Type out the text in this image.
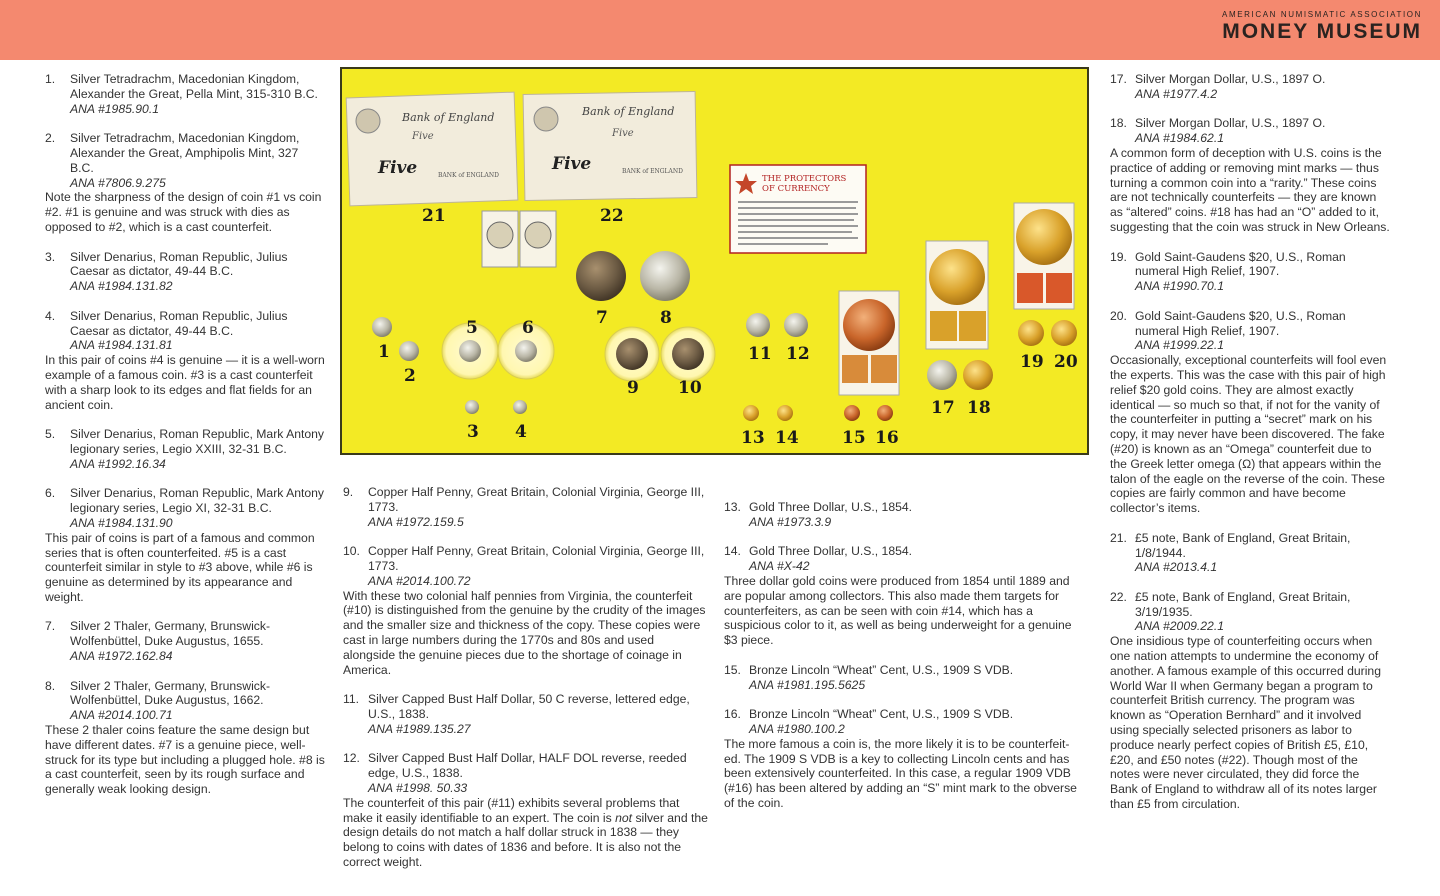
AMERICAN NUMISMATIC ASSOCIATION
MONEY MUSEUM
1. Silver Tetradrachm, Macedonian Kingdom, Alexander the Great, Pella Mint, 315-310 B.C.
ANA #1985.90.1
2. Silver Tetradrachm, Macedonian Kingdom, Alexander the Great, Amphipolis Mint, 327 B.C.
ANA #7806.9.275

Note the sharpness of the design of coin #1 vs coin #2. #1 is genuine and was struck with dies as opposed to #2, which is a cast counterfeit.

3. Silver Denarius, Roman Republic, Julius Caesar as dictator, 49-44 B.C.
ANA #1984.131.82
4. Silver Denarius, Roman Republic, Julius Caesar as dictator, 49-44 B.C.
ANA #1984.131.81

In this pair of coins #4 is genuine — it is a well-worn example of a famous coin. #3 is a cast counterfeit with a sharp look to its edges and flat fields for an ancient coin.

5. Silver Denarius, Roman Republic, Mark Antony legionary series, Legio XXIII, 32-31 B.C.
ANA #1992.16.34
6. Silver Denarius, Roman Republic, Mark Antony legionary series, Legio XI, 32-31 B.C.
ANA #1984.131.90

This pair of coins is part of a famous and common series that is often counterfeited. #5 is a cast counterfeit similar in style to #3 above, while #6 is genuine as determined by its appearance and weight.

7. Silver 2 Thaler, Germany, Brunswick-Wolfenbüttel, Duke Augustus, 1655.
ANA #1972.162.84
8. Silver 2 Thaler, Germany, Brunswick-Wolfenbüttel, Duke Augustus, 1662.
ANA #2014.100.71

These 2 thaler coins feature the same design but have different dates. #7 is a genuine piece, well-struck for its type but including a plugged hole. #8 is a cast counterfeit, seen by its rough surface and generally weak looking design.

Bank of England
Five
Five	BANK of ENGLAND
Bank of England
Five
Five	BANK of ENGLAND
THE PROTECTORS
OF CURRENCY
21	22
1
2
3 4
5	6	7	8
9 10
11 12
13 14	15 16
17 18
19 20
9. Copper Half Penny, Great Britain, Colonial Virginia, George III, 1773.
ANA #1972.159.5
10. Copper Half Penny, Great Britain, Colonial Virginia, George III, 1773.
ANA #2014.100.72

With these two colonial half pennies from Virginia, the counterfeit (#10) is distinguished from the genuine by the crudity of the images and the smaller size and thickness of the copy. These copies were cast in large numbers during the 1770s and 80s and used alongside the genuine pieces due to the shortage of coinage in America.

11. Silver Capped Bust Half Dollar, 50 C reverse, lettered edge, U.S., 1838.
ANA #1989.135.27
12. Silver Capped Bust Half Dollar, HALF DOL reverse, reeded edge, U.S., 1838.
ANA #1998. 50.33

The counterfeit of this pair (#11) exhibits several problems that make it easily identifiable to an expert. The coin is not silver and the design details do not match a half dollar struck in 1838 — they belong to coins with dates of 1836 and before. It is also not the correct weight.

13. Gold Three Dollar, U.S., 1854.
ANA #1973.3.9
14. Gold Three Dollar, U.S., 1854.
ANA #X-42

Three dollar gold coins were produced from 1854 until 1889 and are popular among collectors. This also made them targets for counterfeiters, as can be seen with coin #14, which has a suspicious color to it, as well as being underweight for a genuine $3 piece.

15. Bronze Lincoln “Wheat” Cent, U.S., 1909 S VDB.
ANA #1981.195.5625
16. Bronze Lincoln “Wheat” Cent, U.S., 1909 S VDB.
ANA #1980.100.2

The more famous a coin is, the more likely it is to be counterfeit-ed. The 1909 S VDB is a key to collecting Lincoln cents and has been extensively counterfeited. In this case, a regular 1909 VDB (#16) has been altered by adding an “S” mint mark to the obverse of the coin.

17. Silver Morgan Dollar, U.S., 1897 O.
ANA #1977.4.2
18. Silver Morgan Dollar, U.S., 1897 O.
ANA #1984.62.1

A common form of deception with U.S. coins is the practice of adding or removing mint marks — thus turning a common coin into a “rarity.” These coins are not technically counterfeits — they are known as “altered” coins. #18 has had an “O” added to it, suggesting that the coin was struck in New Orleans.

19. Gold Saint-Gaudens $20, U.S., Roman numeral High Relief, 1907.
ANA #1990.70.1
20. Gold Saint-Gaudens $20, U.S., Roman numeral High Relief, 1907.
ANA #1999.22.1

Occasionally, exceptional counterfeits will fool even the experts. This was the case with this pair of high relief $20 gold coins. They are almost exactly identical — so much so that, if not for the vanity of the counterfeiter in putting a “secret” mark on his copy, it may never have been discovered. The fake (#20) is known as an “Omega” counterfeit due to the Greek letter omega (Ω) that appears within the talon of the eagle on the reverse of the coin. These copies are fairly common and have become collector’s items.

21. £5 note, Bank of England, Great Britain, 1/8/1944.
ANA #2013.4.1
22. £5 note, Bank of England, Great Britain, 3/19/1935.
ANA #2009.22.1

One insidious type of counterfeiting occurs when one nation attempts to undermine the economy of another. A famous example of this occurred during World War II when Germany began a program to counterfeit British currency. The program was known as “Operation Bernhard” and it involved using specially selected prisoners as labor to produce nearly perfect copies of British £5, £10, £20, and £50 notes (#22). Though most of the notes were never circulated, they did force the Bank of England to withdraw all of its notes larger than £5 from circulation.
